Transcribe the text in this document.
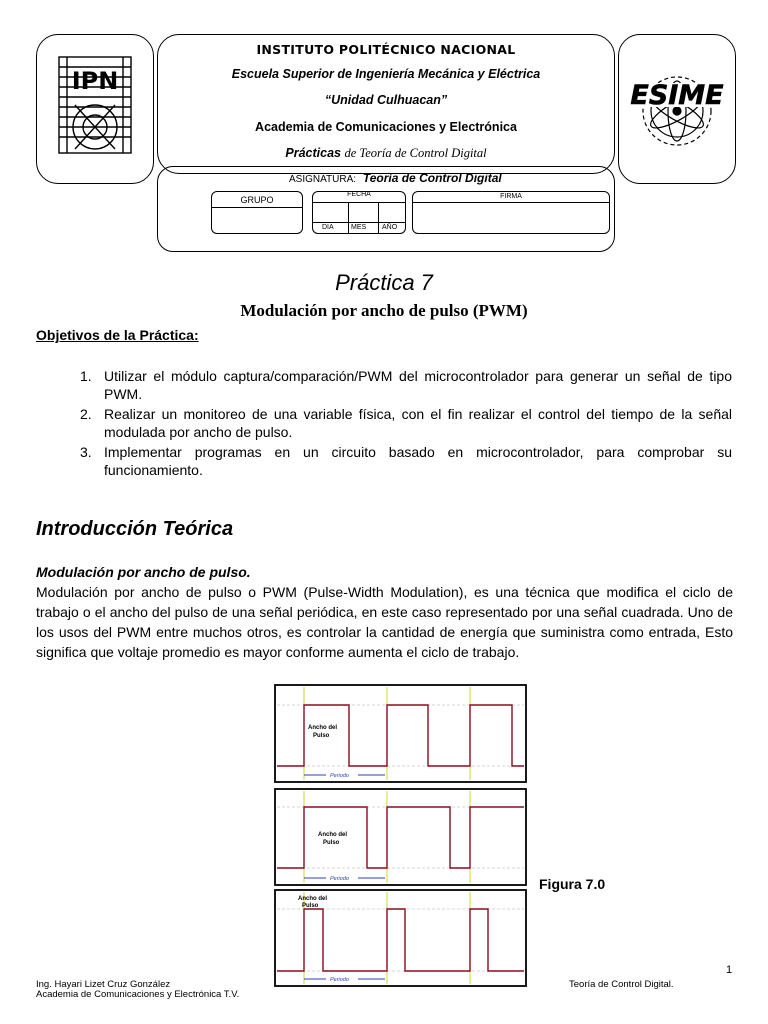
IPN
INSTITUTO POLITÉCNICO NACIONAL
Escuela Superior de Ingeniería Mecánica y Eléctrica
“Unidad Culhuacan”
Academia de Comunicaciones y Electrónica
Prácticas de Teoría de Control Digital
ESIME
ASIGNATURA: Teoría de Control Digital
GRUPO
FECHA
DIA MES AÑO
FIRMA
Práctica 7
Modulación por ancho de pulso (PWM)
Objetivos de la Práctica:
1. Utilizar el módulo captura/comparación/PWM del microcontrolador para generar un señal de tipo PWM.
2. Realizar un monitoreo de una variable física, con el fin realizar el control del tiempo de la señal modulada por ancho de pulso.
3. Implementar programas en un circuito basado en microcontrolador, para comprobar su funcionamiento.
Introducción Teórica
Modulación por ancho de pulso.
Modulación por ancho de pulso o PWM (Pulse-Width Modulation), es una técnica que modifica el ciclo de trabajo o el ancho del pulso de una señal periódica, en este caso representado por una señal cuadrada. Uno de los usos del PWM entre muchos otros, es controlar la cantidad de energía que suministra como entrada, Esto significa que voltaje promedio es mayor conforme aumenta el ciclo de trabajo.
Ancho del
Pulso
Periodo
Ancho del
Pulso
Periodo
Ancho del
Pulso
Periodo
Figura 7.0
1
Ing. Hayari Lizet Cruz González
Academia de Comunicaciones y Electrónica T.V.
Teoría de Control Digital.
